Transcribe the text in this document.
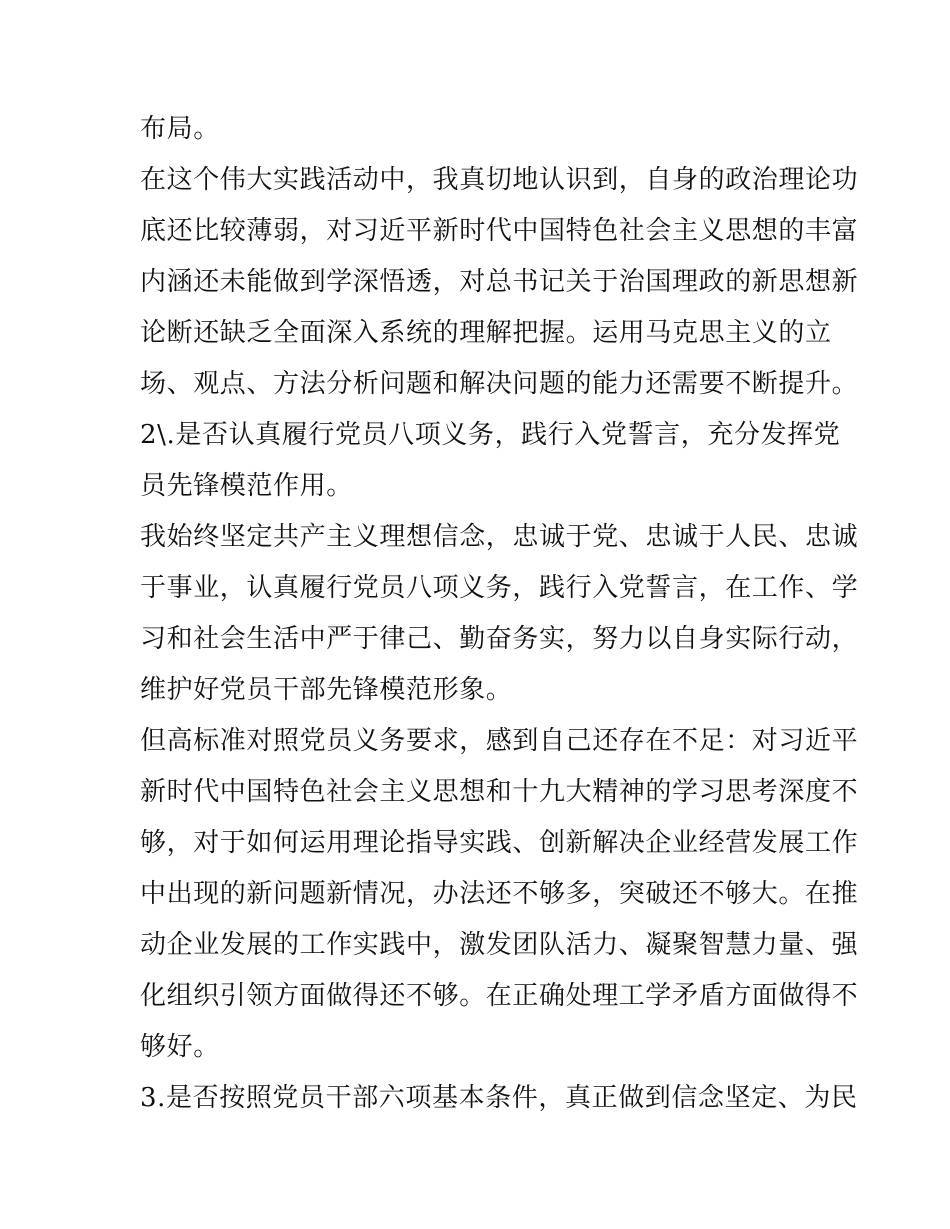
布局。
在这个伟大实践活动中，我真切地认识到，自身的政治理论功
底还比较薄弱，对习近平新时代中国特色社会主义思想的丰富
内涵还未能做到学深悟透，对总书记关于治国理政的新思想新
论断还缺乏全面深入系统的理解把握。运用马克思主义的立
场、观点、方法分析问题和解决问题的能力还需要不断提升。
2\.是否认真履行党员八项义务，践行入党誓言，充分发挥党
员先锋模范作用。
我始终坚定共产主义理想信念，忠诚于党、忠诚于人民、忠诚
于事业，认真履行党员八项义务，践行入党誓言，在工作、学
习和社会生活中严于律己、勤奋务实，努力以自身实际行动，
维护好党员干部先锋模范形象。
但高标准对照党员义务要求，感到自己还存在不足：对习近平
新时代中国特色社会主义思想和十九大精神的学习思考深度不
够，对于如何运用理论指导实践、创新解决企业经营发展工作
中出现的新问题新情况，办法还不够多，突破还不够大。在推
动企业发展的工作实践中，激发团队活力、凝聚智慧力量、强
化组织引领方面做得还不够。在正确处理工学矛盾方面做得不
够好。
3.是否按照党员干部六项基本条件，真正做到信念坚定、为民
